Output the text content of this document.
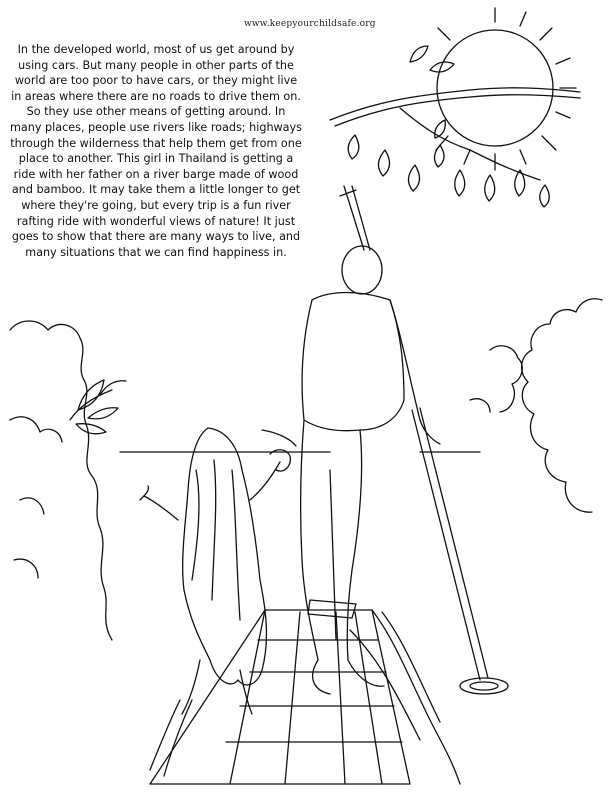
www.keepyourchildsafe.org

In the developed world, most of us get around by using cars. But many people in other parts of the world are too poor to have cars, or they might live in areas where there are no roads to drive them on. So they use other means of getting around. In many places, people use rivers like roads; highways through the wilderness that help them get from one place to another. This girl in Thailand is getting a ride with her father on a river barge made of wood and bamboo. It may take them a little longer to get where they're going, but every trip is a fun river rafting ride with wonderful views of nature! It just goes to show that there are many ways to live, and many situations that we can find happiness in.
